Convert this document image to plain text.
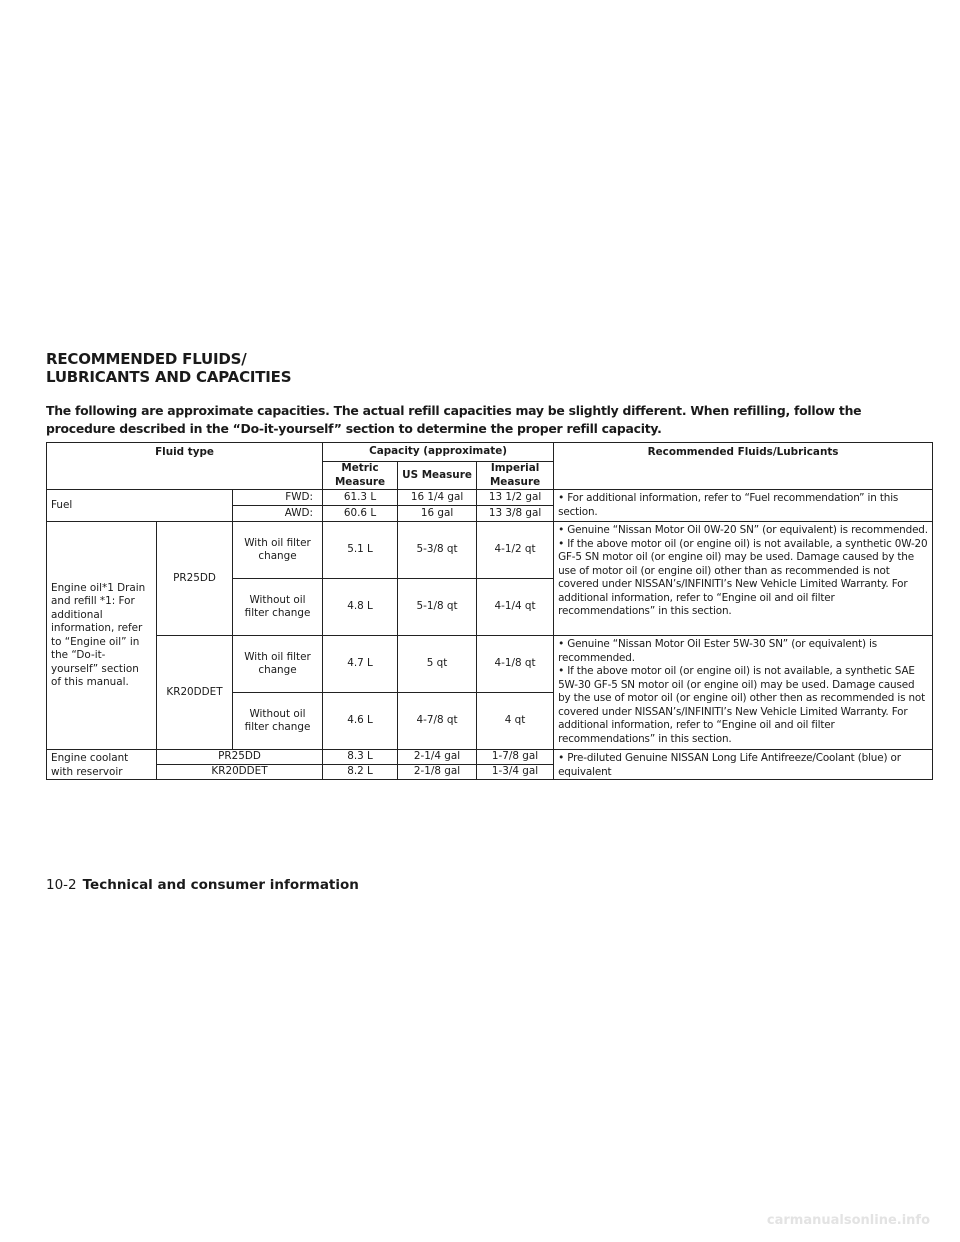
RECOMMENDED FLUIDS/
LUBRICANTS AND CAPACITIES

The following are approximate capacities. The actual refill capacities may be slightly different. When refilling, follow the procedure described in the “Do-it-yourself” section to determine the proper refill capacity.

Fluid type			Capacity (approximate)			Recommended Fluids/Lubricants
			Metric Measure	US Measure	Imperial Measure	
Fuel		FWD:	61.3 L	16 1/4 gal	13 1/2 gal	• For additional information, refer to “Fuel recommendation” in this section.
		AWD:	60.6 L	16 gal	13 3/8 gal	
Engine oil*1 Drain and refill *1: For additional information, refer to “Engine oil” in the “Do-it-yourself” section of this manual.	PR25DD	With oil filter change	5.1 L	5-3/8 qt	4-1/2 qt	• Genuine “Nissan Motor Oil 0W-20 SN” (or equivalent) is recommended.
• If the above motor oil (or engine oil) is not available, a synthetic 0W-20 GF-5 SN motor oil (or engine oil) may be used. Damage caused by the use of motor oil (or engine oil) other than as recommended is not covered under NISSAN’s/INFINITI’s New Vehicle Limited Warranty. For additional information, refer to “Engine oil and oil filter recommendations” in this section.

		Without oil filter change	4.8 L	5-1/8 qt	4-1/4 qt	
	KR20DDET	With oil filter change	4.7 L	5 qt	4-1/8 qt	• Genuine “Nissan Motor Oil Ester 5W-30 SN” (or equivalent) is recommended.
• If the above motor oil (or engine oil) is not available, a synthetic SAE 5W-30 GF-5 SN motor oil (or engine oil) may be used. Damage caused by the use of motor oil (or engine oil) other then as recommended is not covered under NISSAN’s/INFINITI’s New Vehicle Limited Warranty. For additional information, refer to “Engine oil and oil filter recommendations” in this section.

		Without oil filter change	4.6 L	4-7/8 qt	4 qt	
Engine coolant with reservoir	PR25DD		8.3 L	2-1/4 gal	1-7/8 gal	• Pre-diluted Genuine NISSAN Long Life Antifreeze/Coolant (blue) or equivalent
	KR20DDET		8.2 L	2-1/8 gal	1-3/4 gal	

10-2 Technical and consumer information

carmanualsonline.info
